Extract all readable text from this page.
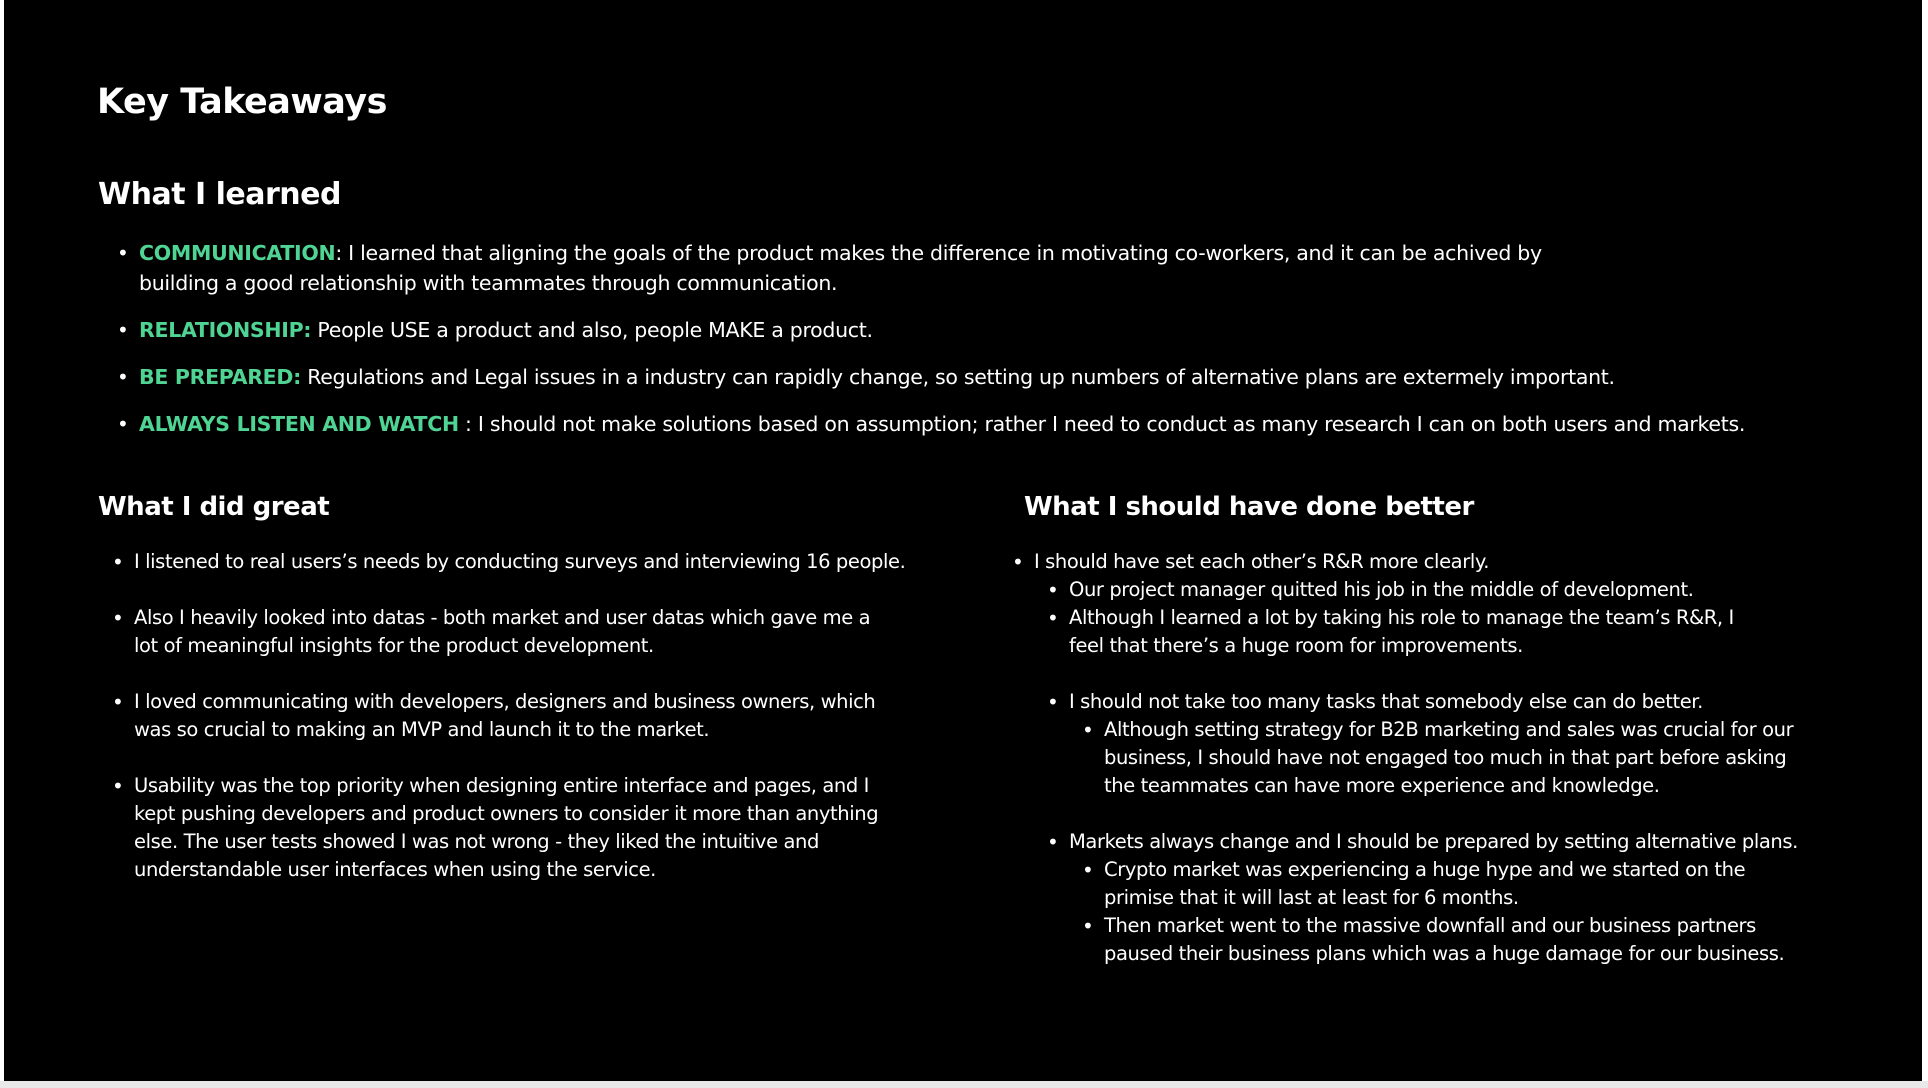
Key Takeaways
What I learned
• COMMUNICATION: I learned that aligning the goals of the product makes the difference in motivating co-workers, and it can be achived by building a good relationship with teammates through communication.
• RELATIONSHIP: People USE a product and also, people MAKE a product.
• BE PREPARED: Regulations and Legal issues in a industry can rapidly change, so setting up numbers of alternative plans are extermely important.
• ALWAYS LISTEN AND WATCH : I should not make solutions based on assumption; rather I need to conduct as many research I can on both users and markets.
What I did great
• I listened to real users’s needs by conducting surveys and interviewing 16 people.
• Also I heavily looked into datas - both market and user datas which gave me a lot of meaningful insights for the product development.
• I loved communicating with developers, designers and business owners, which was so crucial to making an MVP and launch it to the market.
• Usability was the top priority when designing entire interface and pages, and I kept pushing developers and product owners to consider it more than anything else. The user tests showed I was not wrong - they liked the intuitive and understandable user interfaces when using the service.
What I should have done better
• I should have set each other’s R&R more clearly.
• Our project manager quitted his job in the middle of development.
• Although I learned a lot by taking his role to manage the team’s R&R, I feel that there’s a huge room for improvements.
• I should not take too many tasks that somebody else can do better.
• Although setting strategy for B2B marketing and sales was crucial for our business, I should have not engaged too much in that part before asking the teammates can have more experience and knowledge.
• Markets always change and I should be prepared by setting alternative plans.
• Crypto market was experiencing a huge hype and we started on the primise that it will last at least for 6 months.
• Then market went to the massive downfall and our business partners paused their business plans which was a huge damage for our business.
